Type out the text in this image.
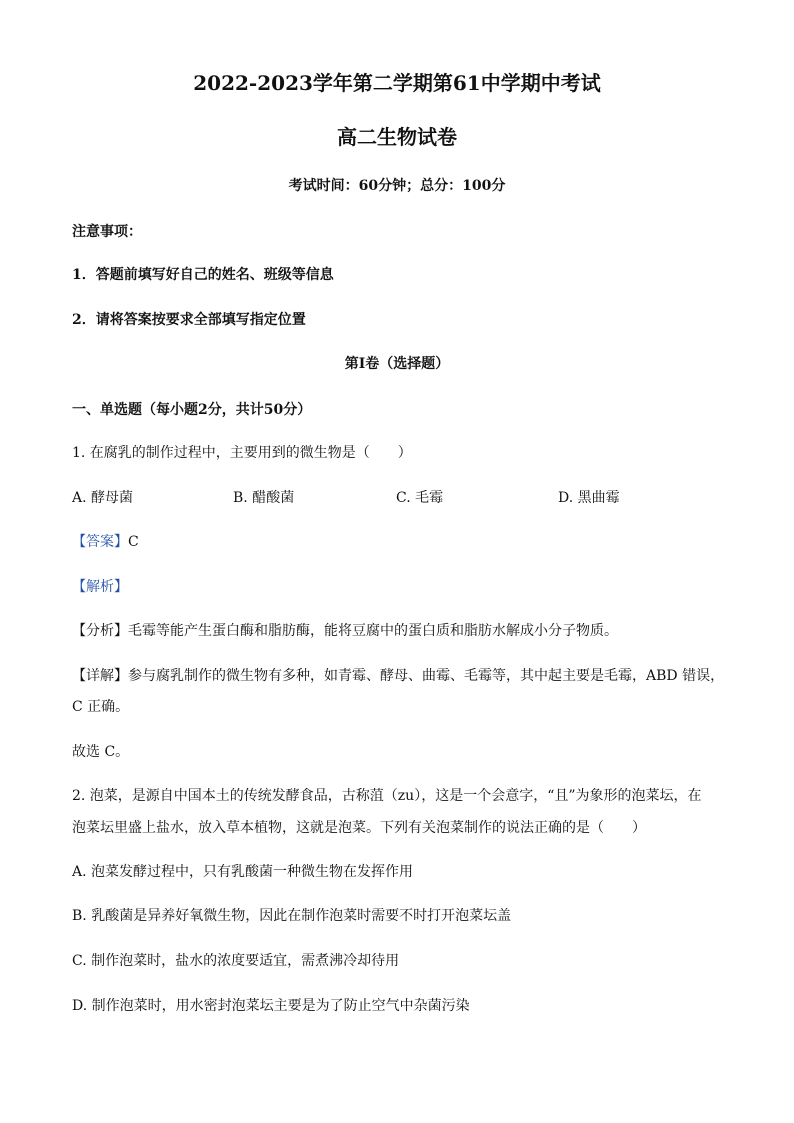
2022-2023学年第二学期第61中学期中考试
高二生物试卷
考试时间：60分钟；总分：100分
注意事项：
1．答题前填写好自己的姓名、班级等信息
2．请将答案按要求全部填写指定位置
第I卷（选择题）
一、单选题（每小题2分，共计50分）
1. 在腐乳的制作过程中，主要用到的微生物是（　　）
A. 酵母菌	B. 醋酸菌	C. 毛霉	D. 黑曲霉
【答案】C
【解析】
【分析】毛霉等能产生蛋白酶和脂肪酶，能将豆腐中的蛋白质和脂肪水解成小分子物质。
【详解】参与腐乳制作的微生物有多种，如青霉、酵母、曲霉、毛霉等，其中起主要是毛霉，ABD 错误，
C 正确。
故选 C。
2. 泡菜，是源自中国本土的传统发酵食品，古称菹（zu），这是一个会意字，“且”为象形的泡菜坛，在
泡菜坛里盛上盐水，放入草本植物，这就是泡菜。下列有关泡菜制作的说法正确的是（　　）
A. 泡菜发酵过程中，只有乳酸菌一种微生物在发挥作用
B. 乳酸菌是异养好氧微生物，因此在制作泡菜时需要不时打开泡菜坛盖
C. 制作泡菜时，盐水的浓度要适宜，需煮沸冷却待用
D. 制作泡菜时，用水密封泡菜坛主要是为了防止空气中杂菌污染
